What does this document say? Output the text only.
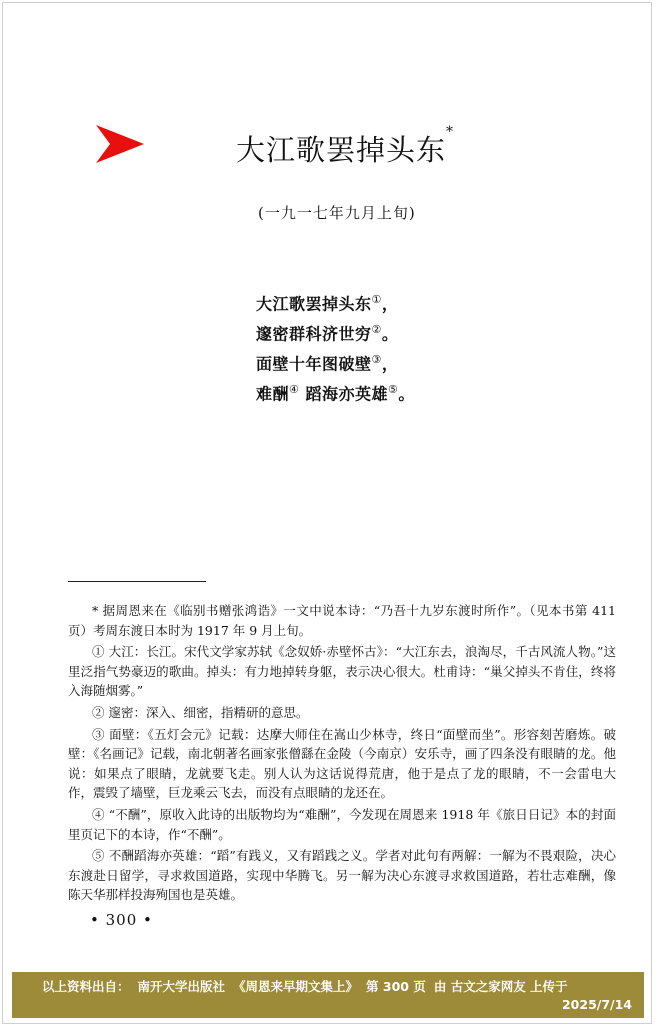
大江歌罢掉头东*
(一九一七年九月上旬)
大江歌罢掉头东①，
邃密群科济世穷②。
面壁十年图破壁③，
难酬④ 蹈海亦英雄⑤。

* 据周恩来在《临别书赠张鸿诰》一文中说本诗：“乃吾十九岁东渡时所作”。（见本书第 411 页）考周东渡日本时为 1917 年 9 月上旬。

① 大江：长江。宋代文学家苏轼《念奴娇·赤壁怀古》：“大江东去，浪淘尽，千古风流人物。”这里泛指气势豪迈的歌曲。掉头：有力地掉转身躯，表示决心很大。杜甫诗：“巢父掉头不肯住，终将入海随烟雾。”

② 邃密：深入、细密，指精研的意思。

③ 面壁：《五灯会元》记载：达摩大师住在嵩山少林寺，终日“面壁而坐”。形容刻苦磨炼。破壁：《名画记》记载，南北朝著名画家张僧繇在金陵（今南京）安乐寺，画了四条没有眼睛的龙。他说：如果点了眼睛，龙就要飞走。别人认为这话说得荒唐，他于是点了龙的眼睛，不一会雷电大作，震毁了墙壁，巨龙乘云飞去，而没有点眼睛的龙还在。

④ “不酬”，原收入此诗的出版物均为“难酬”，今发现在周恩来 1918 年《旅日日记》本的封面里页记下的本诗，作“不酬”。

⑤ 不酬蹈海亦英雄：“蹈”有践义，又有蹈践之义。学者对此句有两解：一解为不畏艰险，决心东渡赴日留学，寻求救国道路，实现中华腾飞。另一解为决心东渡寻求救国道路，若壮志难酬，像陈天华那样投海殉国也是英雄。

• 300 •
以上资料出自： 南开大学出版社 《周恩来早期文集上》 第 300 页 由 古文之家网友 上传于
2025/7/14
